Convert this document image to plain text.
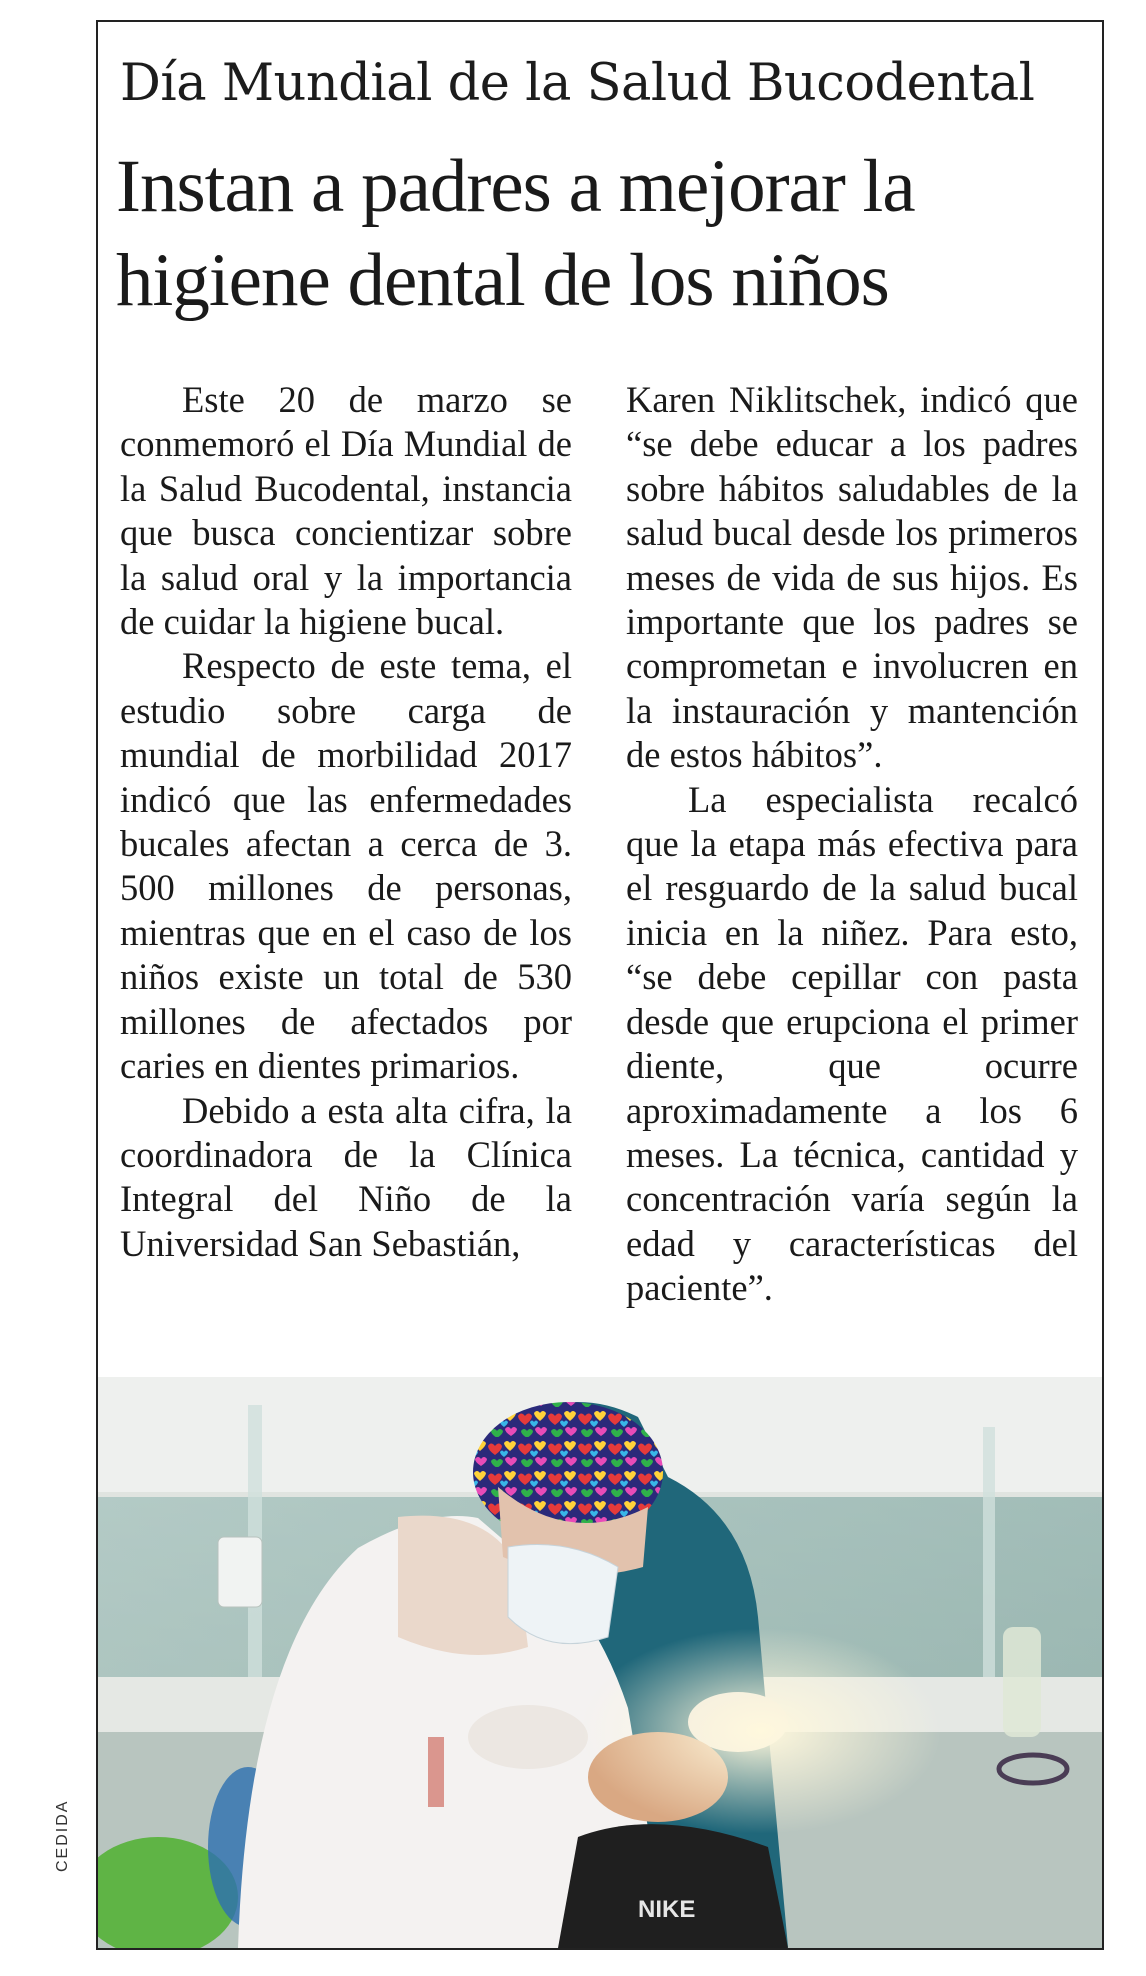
Día Mundial de la Salud Bucodental
Instan a padres a mejorar la higiene dental de los niños

Este 20 de marzo se conmemoró el Día Mundial de la Salud Bucodental, instancia que busca concientizar sobre la salud oral y la importancia de cuidar la higiene bucal.

Respecto de este tema, el estudio sobre carga de mundial de morbilidad 2017 indicó que las enfermedades bucales afectan a cerca de 3. 500 millones de personas, mientras que en el caso de los niños existe un total de 530 millones de afectados por caries en dientes primarios.

Debido a esta alta cifra, la coordinadora de la Clínica Integral del Niño de la Universidad San Sebastián,

Karen Niklitschek, indicó que “se debe educar a los padres sobre hábitos saludables de la salud bucal desde los primeros meses de vida de sus hijos. Es importante que los padres se comprometan e involucren en la instauración y mantención de estos hábitos”.

La especialista recalcó que la etapa más efectiva para el resguardo de la salud bucal inicia en la niñez. Para esto, “se debe cepillar con pasta desde que erupciona el primer diente, que ocurre aproximadamente a los 6 meses. La técnica, cantidad y concentración varía según la edad y características del paciente”.

CEDIDA
